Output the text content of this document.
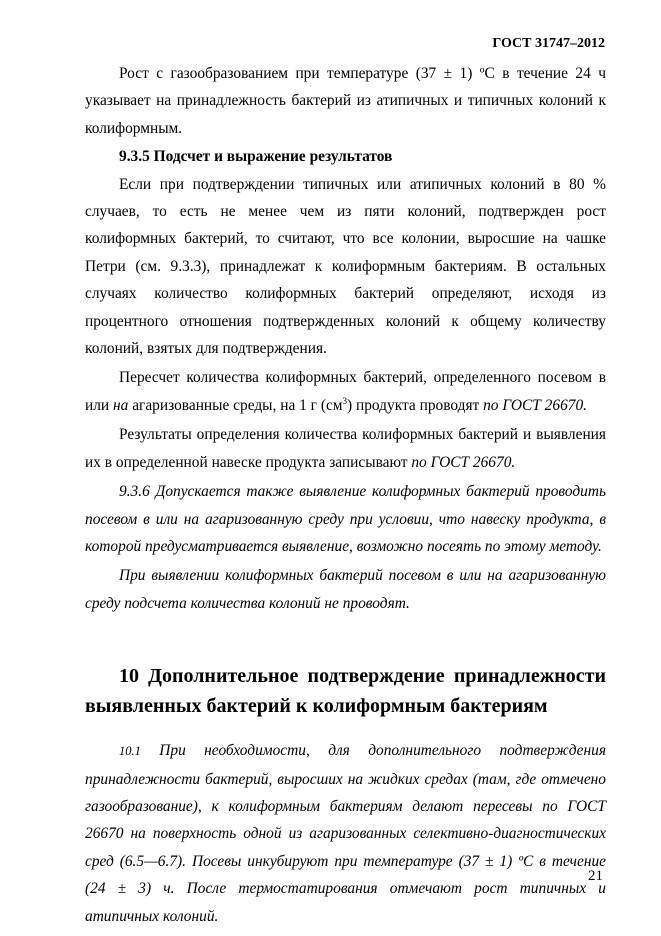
ГОСТ 31747–2012

Рост с газообразованием при температуре (37 ± 1) ºС в течение 24 ч указывает на принадлежность бактерий из атипичных и типичных колоний к колиформным.

9.3.5 Подсчет и выражение результатов

Если при подтверждении типичных или атипичных колоний в 80 % случаев, то есть не менее чем из пяти колоний, подтвержден рост колиформных бактерий, то считают, что все колонии, выросшие на чашке Петри (см. 9.3.3), принадлежат к колиформным бактериям. В остальных случаях количество колиформных бактерий определяют, исходя из процентного отношения подтвержденных колоний к общему количеству колоний, взятых для подтверждения.

Пересчет количества колиформных бактерий, определенного посевом в или на агаризованные среды, на 1 г $(см^3)$ продукта проводят по ГОСТ 26670.

Результаты определения количества колиформных бактерий и выявления их в определенной навеске продукта записывают по ГОСТ 26670.

9.3.6 Допускается также выявление колиформных бактерий проводить посевом в или на агаризованную среду при условии, что навеску продукта, в которой предусматривается выявление, возможно посеять по этому методу.

При выявлении колиформных бактерий посевом в или на агаризованную среду подсчета количества колоний не проводят.

10 Дополнительное подтверждение принадлежности выявленных бактерий к колиформным бактериям

10.1 При необходимости, для дополнительного подтверждения принадлежности бактерий, выросших на жидких средах (там, где отмечено газообразование), к колиформным бактериям делают пересевы по ГОСТ 26670 на поверхность одной из агаризованных селективно-диагностических сред (6.5—6.7). Посевы инкубируют при температуре (37 ± 1) ºС в течение (24 ± 3) ч. После термостатирования отмечают рост типичных и атипичных колоний.

21
